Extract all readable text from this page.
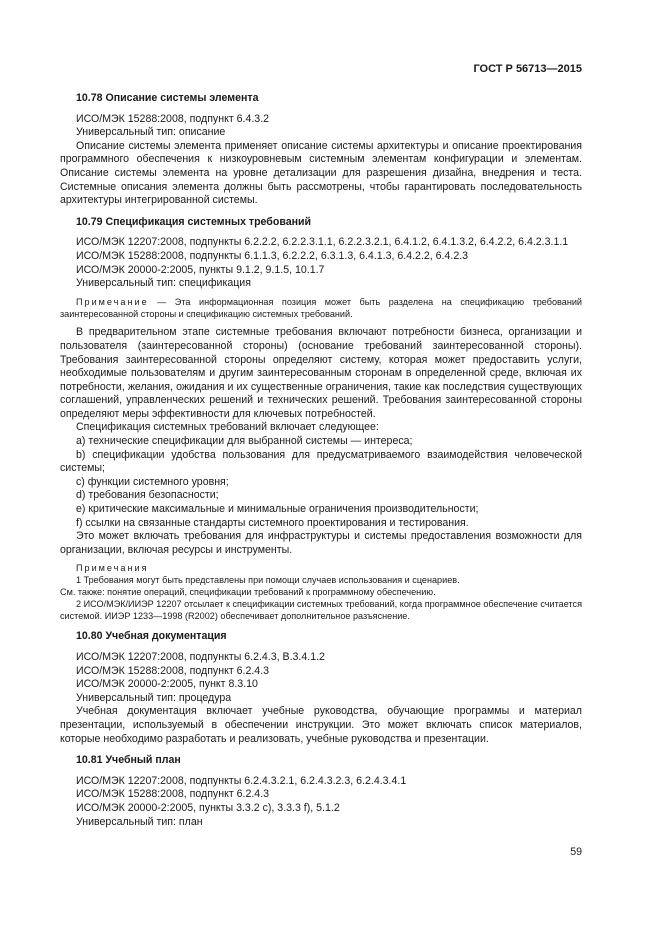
ГОСТ Р 56713—2015
10.78 Описание системы элемента
ИСО/МЭК 15288:2008, подпункт 6.4.3.2
Универсальный тип: описание

Описание системы элемента применяет описание системы архитектуры и описание проектирования программного обеспечения к низкоуровневым системным элементам конфигурации и элементам. Описание системы элемента на уровне детализации для разрешения дизайна, внедрения и теста. Системные описания элемента должны быть рассмотрены, чтобы гарантировать последовательность архитектуры интегрированной системы.

10.79 Спецификация системных требований
ИСО/МЭК 12207:2008, подпункты 6.2.2.2, 6.2.2.3.1.1, 6.2.2.3.2.1, 6.4.1.2, 6.4.1.3.2, 6.4.2.2, 6.4.2.3.1.1
ИСО/МЭК 15288:2008, подпункты 6.1.1.3, 6.2.2.2, 6.3.1.3, 6.4.1.3, 6.4.2.2, 6.4.2.3
ИСО/МЭК 20000-2:2005, пункты 9.1.2, 9.1.5, 10.1.7
Универсальный тип: спецификация
Примечание — Эта информационная позиция может быть разделена на спецификацию требований заинтересованной стороны и спецификацию системных требований.

В предварительном этапе системные требования включают потребности бизнеса, организации и пользователя (заинтересованной стороны) (основание требований заинтересованной стороны). Требования заинтересованной стороны определяют систему, которая может предоставить услуги, необходимые пользователям и другим заинтересованным сторонам в определенной среде, включая их потребности, желания, ожидания и их существенные ограничения, такие как последствия существующих соглашений, управленческих решений и технических решений. Требования заинтересованной стороны определяют меры эффективности для ключевых потребностей.

Спецификация системных требований включает следующее:

a) технические спецификации для выбранной системы — интереса;

b) спецификации удобства пользования для предусматриваемого взаимодействия человеческой системы;

c) функции системного уровня;

d) требования безопасности;

e) критические максимальные и минимальные ограничения производительности;

f) ссылки на связанные стандарты системного проектирования и тестирования.

Это может включать требования для инфраструктуры и системы предоставления возможности для организации, включая ресурсы и инструменты.

Примечания
1 Требования могут быть представлены при помощи случаев использования и сценариев.
См. также: понятие операций, спецификации требований к программному обеспечению.
2 ИСО/МЭК/ИИЭР 12207 отсылает к спецификации системных требований, когда программное обеспечение считается системой. ИИЭР 1233—1998 (R2002) обеспечивает дополнительное разъяснение.
10.80 Учебная документация
ИСО/МЭК 12207:2008, подпункты 6.2.4.3, B.3.4.1.2
ИСО/МЭК 15288:2008, подпункт 6.2.4.3
ИСО/МЭК 20000-2:2005, пункт 8.3.10
Универсальный тип: процедура

Учебная документация включает учебные руководства, обучающие программы и материал презентации, используемый в обеспечении инструкции. Это может включать список материалов, которые необходимо разработать и реализовать, учебные руководства и презентации.

10.81 Учебный план
ИСО/МЭК 12207:2008, подпункты 6.2.4.3.2.1, 6.2.4.3.2.3, 6.2.4.3.4.1
ИСО/МЭК 15288:2008, подпункт 6.2.4.3
ИСО/МЭК 20000-2:2005, пункты 3.3.2 с), 3.3.3 f), 5.1.2
Универсальный тип: план
59
